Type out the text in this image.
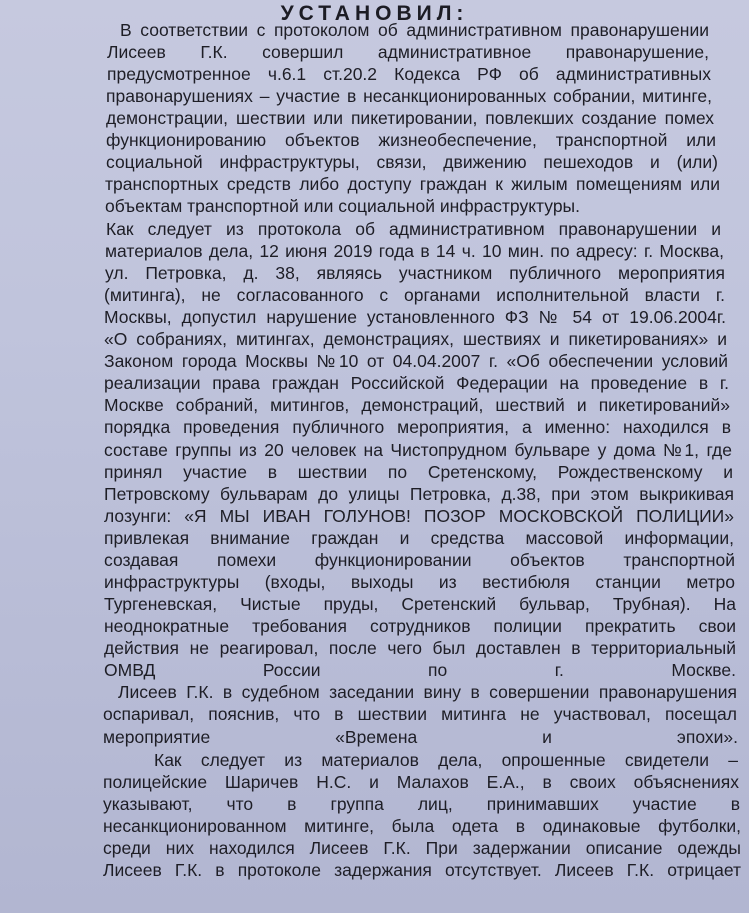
УСТАНОВИЛ:
В соответствии с протоколом об административном правонарушении
Лисеев Г.К. совершил административное правонарушение,
предусмотренное ч.6.1 ст.20.2 Кодекса РФ об административных
правонарушениях – участие в несанкционированных собрании, митинге,
демонстрации, шествии или пикетировании, повлекших создание помех
функционированию объектов жизнеобеспечение, транспортной или
социальной инфраструктуры, связи, движению пешеходов и (или)
транспортных средств либо доступу граждан к жилым помещениям или
объектам транспортной или социальной инфраструктуры.
Как следует из протокола об административном правонарушении и
материалов дела, 12 июня 2019 года в 14 ч. 10 мин. по адресу: г. Москва,
ул. Петровка, д. 38, являясь участником публичного мероприятия
(митинга), не согласованного с органами исполнительной власти г.
Москвы, допустил нарушение установленного ФЗ № 54 от 19.06.2004г.
«О собраниях, митингах, демонстрациях, шествиях и пикетированиях» и
Законом города Москвы №10 от 04.04.2007 г. «Об обеспечении условий
реализации права граждан Российской Федерации на проведение в г.
Москве собраний, митингов, демонстраций, шествий и пикетирований»
порядка проведения публичного мероприятия, а именно: находился в
составе группы из 20 человек на Чистопрудном бульваре у дома №1, где
принял участие в шествии по Сретенскому, Рождественскому и
Петровскому бульварам до улицы Петровка, д.38, при этом выкрикивая
лозунги: «Я МЫ ИВАН ГОЛУНОВ! ПОЗОР МОСКОВСКОЙ ПОЛИЦИИ»
привлекая внимание граждан и средства массовой информации,
создавая помехи функционировании объектов транспортной
инфраструктуры (входы, выходы из вестибюля станции метро
Тургеневская, Чистые пруды, Сретенский бульвар, Трубная). На
неоднократные требования сотрудников полиции прекратить свои
действия не реагировал, после чего был доставлен в территориальный
ОМВД России по г. Москве.
Лисеев Г.К. в судебном заседании вину в совершении правонарушения
оспаривал, пояснив, что в шествии митинга не участвовал, посещал
мероприятие «Времена и эпохи».
Как следует из материалов дела, опрошенные свидетели –
полицейские Шаричев Н.С. и Малахов Е.А., в своих объяснениях
указывают, что в группа лиц, принимавших участие в
несанкционированном митинге, была одета в одинаковые футболки,
среди них находился Лисеев Г.К. При задержании описание одежды
Лисеев Г.К. в протоколе задержания отсутствует. Лисеев Г.К. отрицает
